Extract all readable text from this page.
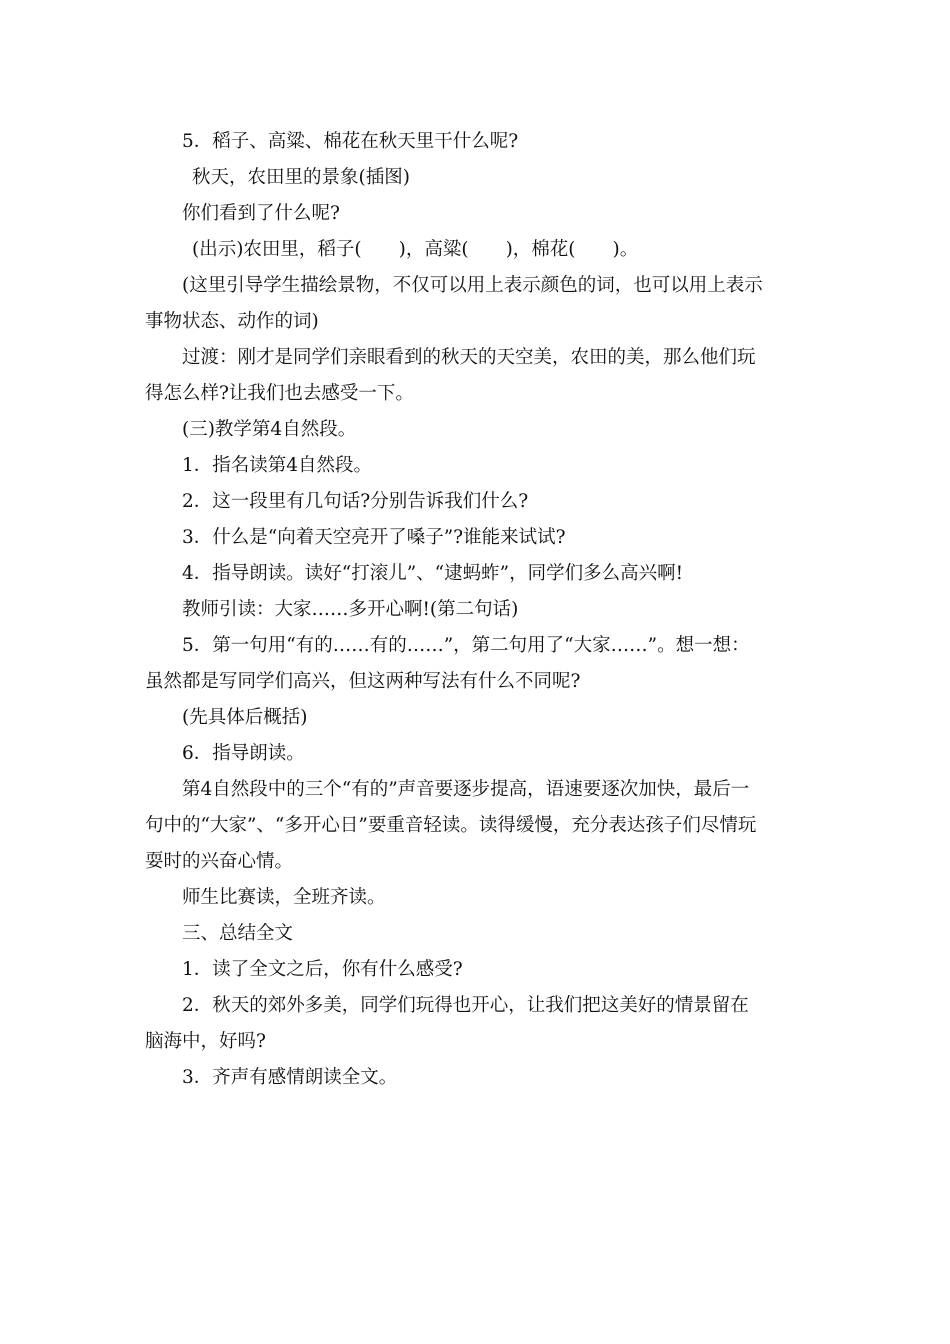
5．稻子、高粱、棉花在秋天里干什么呢?

秋天，农田里的景象(插图)

你们看到了什么呢?

(出示)农田里，稻子(　　)，高粱(　　)，棉花(　　)。

(这里引导学生描绘景物，不仅可以用上表示颜色的词，也可以用上表示事物状态、动作的词)

过渡：刚才是同学们亲眼看到的秋天的天空美，农田的美，那么他们玩得怎么样?让我们也去感受一下。

(三)教学第4自然段。

1．指名读第4自然段。

2．这一段里有几句话?分别告诉我们什么?

3．什么是“向着天空亮开了嗓子”?谁能来试试?

4．指导朗读。读好“打滚儿”、“逮蚂蚱”，同学们多么高兴啊!

教师引读：大家……多开心啊!(第二句话)

5．第一句用“有的……有的……”，第二句用了“大家……”。想一想：虽然都是写同学们高兴，但这两种写法有什么不同呢?

(先具体后概括)

6．指导朗读。

第4自然段中的三个“有的”声音要逐步提高，语速要逐次加快，最后一句中的“大家”、“多开心日”要重音轻读。读得缓慢，充分表达孩子们尽情玩耍时的兴奋心情。

师生比赛读，全班齐读。

三、总结全文

1．读了全文之后，你有什么感受?

2．秋天的郊外多美，同学们玩得也开心，让我们把这美好的情景留在脑海中，好吗?

3．齐声有感情朗读全文。
